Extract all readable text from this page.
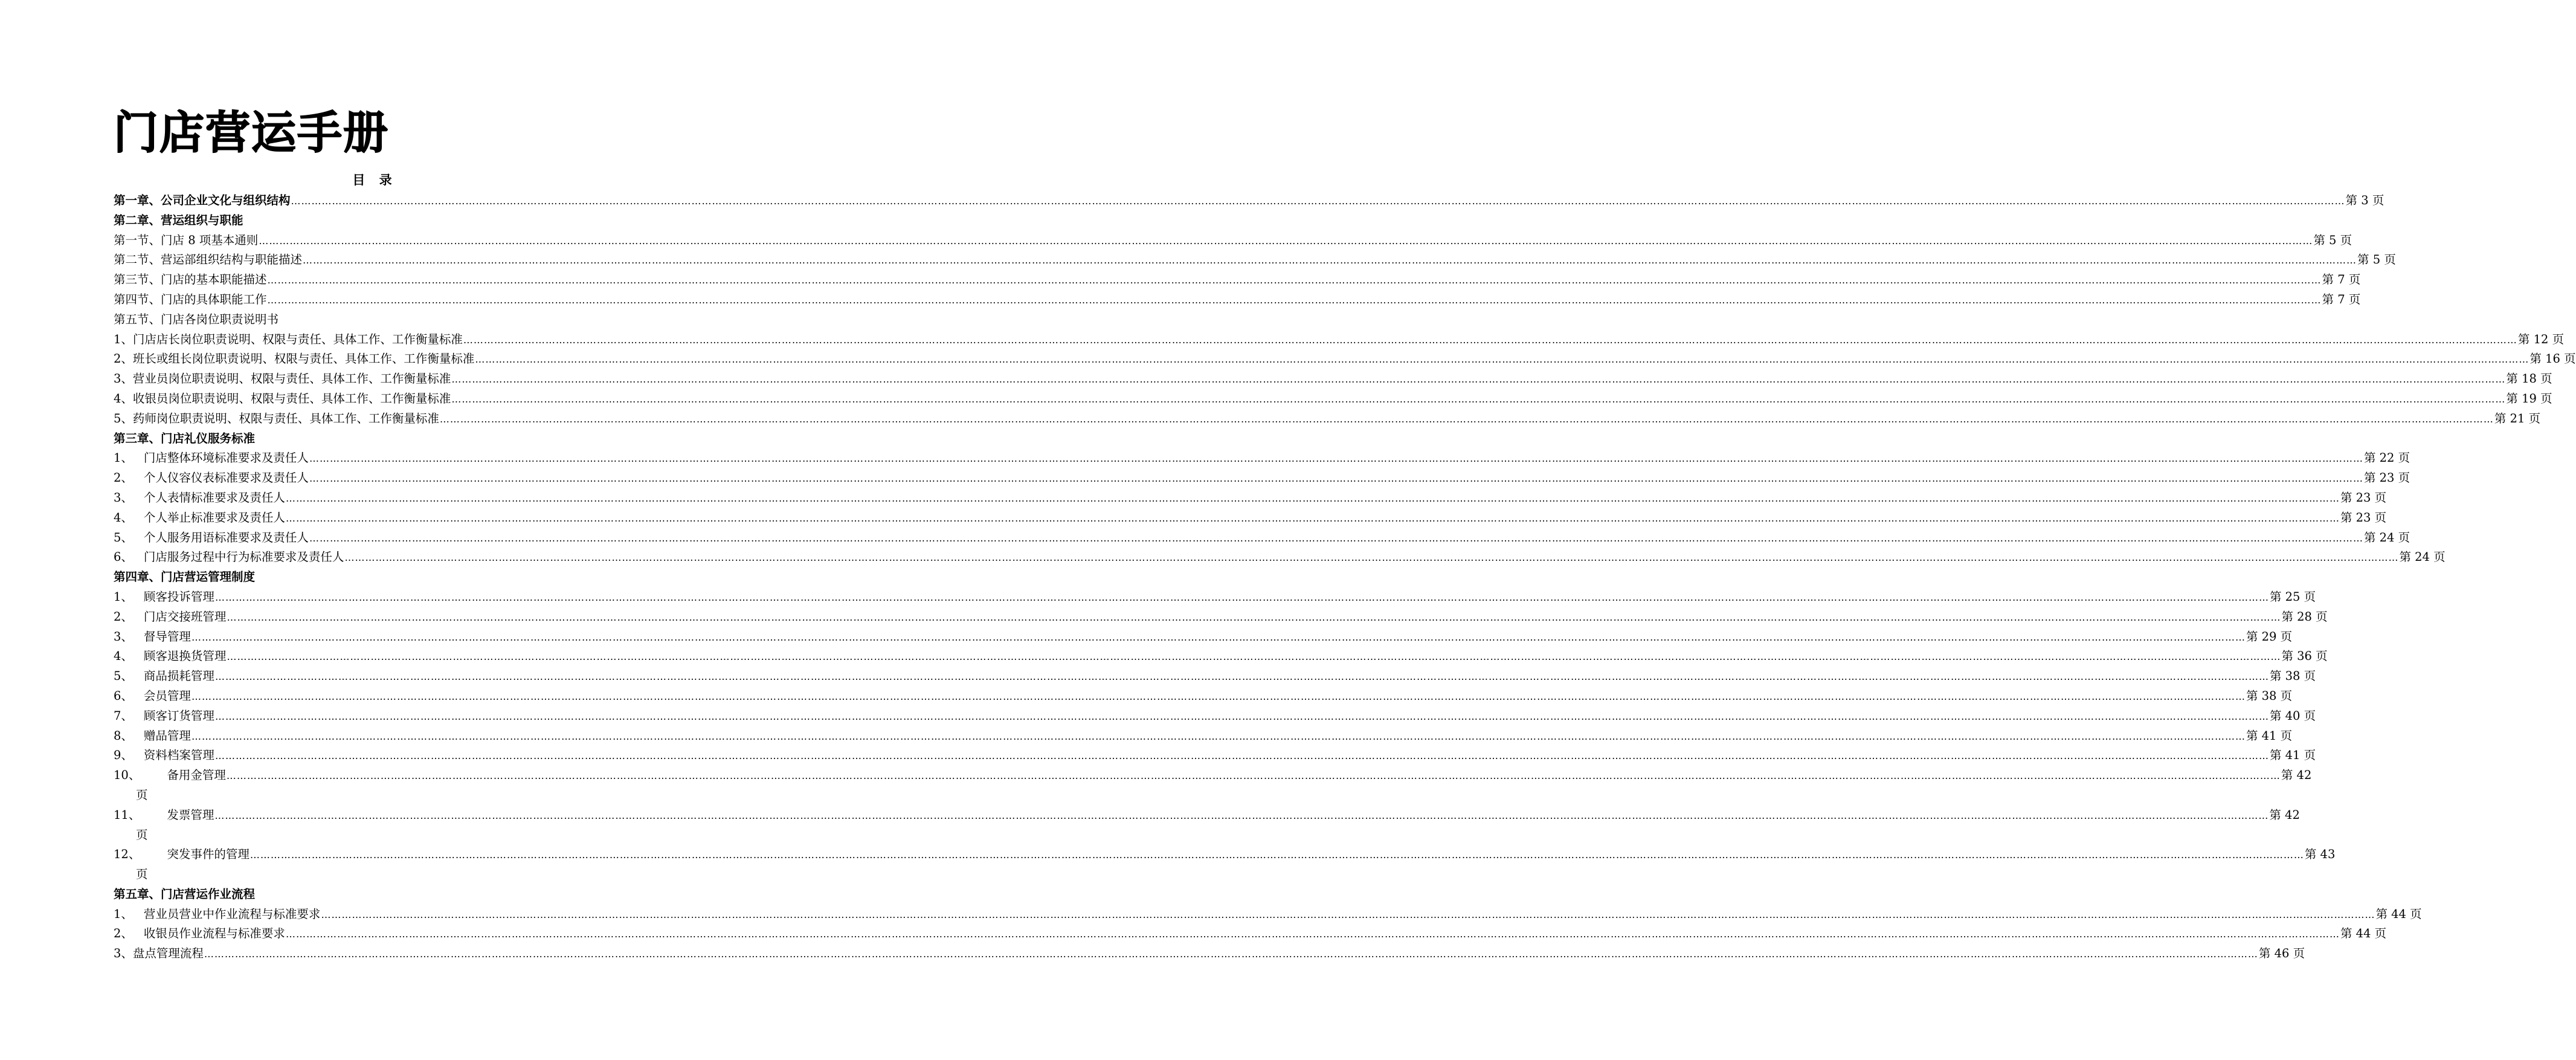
门店营运手册
目 录
第一章、公司企业文化与组织结构 …………………………………………………………………………………………………………………………………………………………………………………………………………………………………………………………………………………………………………………………………………………………………………………………………………………………………………………………………………………………………………………………………………………… 第 3 页
第二章、营运组织与职能
第一节、门店 8 项基本通则 …………………………………………………………………………………………………………………………………………………………………………………………………………………………………………………………………………………………………………………………………………………………………………………………………………………………………………………………………………………………………………………………………………………… 第 5 页
第二节、营运部组织结构与职能描述 …………………………………………………………………………………………………………………………………………………………………………………………………………………………………………………………………………………………………………………………………………………………………………………………………………………………………………………………………………………………………………………………………………………… 第 5 页
第三节、门店的基本职能描述 …………………………………………………………………………………………………………………………………………………………………………………………………………………………………………………………………………………………………………………………………………………………………………………………………………………………………………………………………………………………………………………………………………………… 第 7 页
第四节、门店的具体职能工作 …………………………………………………………………………………………………………………………………………………………………………………………………………………………………………………………………………………………………………………………………………………………………………………………………………………………………………………………………………………………………………………………………………………… 第 7 页
第五节、门店各岗位职责说明书
1、门店店长岗位职责说明、权限与责任、具体工作、工作衡量标准 …………………………………………………………………………………………………………………………………………………………………………………………………………………………………………………………………………………………………………………………………………………………………………………………………………………………………………………………………………………………………………………………………………………… 第 12 页
2、班长或组长岗位职责说明、权限与责任、具体工作、工作衡量标准 …………………………………………………………………………………………………………………………………………………………………………………………………………………………………………………………………………………………………………………………………………………………………………………………………………………………………………………………………………………………………………………………………………………… 第 16 页
3、营业员岗位职责说明、权限与责任、具体工作、工作衡量标准 …………………………………………………………………………………………………………………………………………………………………………………………………………………………………………………………………………………………………………………………………………………………………………………………………………………………………………………………………………………………………………………………………………………… 第 18 页
4、收银员岗位职责说明、权限与责任、具体工作、工作衡量标准 …………………………………………………………………………………………………………………………………………………………………………………………………………………………………………………………………………………………………………………………………………………………………………………………………………………………………………………………………………………………………………………………………………………… 第 19 页
5、药师岗位职责说明、权限与责任、具体工作、工作衡量标准 …………………………………………………………………………………………………………………………………………………………………………………………………………………………………………………………………………………………………………………………………………………………………………………………………………………………………………………………………………………………………………………………………………………… 第 21 页
第三章、门店礼仪服务标准
1、 门店整体环境标准要求及责任人 …………………………………………………………………………………………………………………………………………………………………………………………………………………………………………………………………………………………………………………………………………………………………………………………………………………………………………………………………………………………………………………………………………………… 第 22 页
2、 个人仪容仪表标准要求及责任人 …………………………………………………………………………………………………………………………………………………………………………………………………………………………………………………………………………………………………………………………………………………………………………………………………………………………………………………………………………………………………………………………………………………… 第 23 页
3、 个人表情标准要求及责任人 …………………………………………………………………………………………………………………………………………………………………………………………………………………………………………………………………………………………………………………………………………………………………………………………………………………………………………………………………………………………………………………………………………………… 第 23 页
4、 个人举止标准要求及责任人 …………………………………………………………………………………………………………………………………………………………………………………………………………………………………………………………………………………………………………………………………………………………………………………………………………………………………………………………………………………………………………………………………………………… 第 23 页
5、 个人服务用语标准要求及责任人 …………………………………………………………………………………………………………………………………………………………………………………………………………………………………………………………………………………………………………………………………………………………………………………………………………………………………………………………………………………………………………………………………………………… 第 24 页
6、 门店服务过程中行为标准要求及责任人 …………………………………………………………………………………………………………………………………………………………………………………………………………………………………………………………………………………………………………………………………………………………………………………………………………………………………………………………………………………………………………………………………………………… 第 24 页
第四章、门店营运管理制度
1、 顾客投诉管理 …………………………………………………………………………………………………………………………………………………………………………………………………………………………………………………………………………………………………………………………………………………………………………………………………………………………………………………………………………………………………………………………………………………… 第 25 页
2、 门店交接班管理 …………………………………………………………………………………………………………………………………………………………………………………………………………………………………………………………………………………………………………………………………………………………………………………………………………………………………………………………………………………………………………………………………………………… 第 28 页
3、 督导管理 …………………………………………………………………………………………………………………………………………………………………………………………………………………………………………………………………………………………………………………………………………………………………………………………………………………………………………………………………………………………………………………………………………………… 第 29 页
4、 顾客退换货管理 …………………………………………………………………………………………………………………………………………………………………………………………………………………………………………………………………………………………………………………………………………………………………………………………………………………………………………………………………………………………………………………………………………………… 第 36 页
5、 商品损耗管理 …………………………………………………………………………………………………………………………………………………………………………………………………………………………………………………………………………………………………………………………………………………………………………………………………………………………………………………………………………………………………………………………………………………… 第 38 页
6、 会员管理 …………………………………………………………………………………………………………………………………………………………………………………………………………………………………………………………………………………………………………………………………………………………………………………………………………………………………………………………………………………………………………………………………………………… 第 38 页
7、 顾客订货管理 …………………………………………………………………………………………………………………………………………………………………………………………………………………………………………………………………………………………………………………………………………………………………………………………………………………………………………………………………………………………………………………………………………………… 第 40 页
8、 赠品管理 …………………………………………………………………………………………………………………………………………………………………………………………………………………………………………………………………………………………………………………………………………………………………………………………………………………………………………………………………………………………………………………………………………………… 第 41 页
9、 资料档案管理 …………………………………………………………………………………………………………………………………………………………………………………………………………………………………………………………………………………………………………………………………………………………………………………………………………………………………………………………………………………………………………………………………………………… 第 41 页
10、 备用金管理 …………………………………………………………………………………………………………………………………………………………………………………………………………………………………………………………………………………………………………………………………………………………………………………………………………………………………………………………………………………………………………………………………………………… 第 42
页
11、 发票管理 …………………………………………………………………………………………………………………………………………………………………………………………………………………………………………………………………………………………………………………………………………………………………………………………………………………………………………………………………………………………………………………………………………………… 第 42
页
12、 突发事件的管理 …………………………………………………………………………………………………………………………………………………………………………………………………………………………………………………………………………………………………………………………………………………………………………………………………………………………………………………………………………………………………………………………………………………… 第 43
页
第五章、门店营运作业流程
1、 营业员营业中作业流程与标准要求 …………………………………………………………………………………………………………………………………………………………………………………………………………………………………………………………………………………………………………………………………………………………………………………………………………………………………………………………………………………………………………………………………………………… 第 44 页
2、 收银员作业流程与标准要求 …………………………………………………………………………………………………………………………………………………………………………………………………………………………………………………………………………………………………………………………………………………………………………………………………………………………………………………………………………………………………………………………………………………… 第 44 页
3、盘点管理流程 …………………………………………………………………………………………………………………………………………………………………………………………………………………………………………………………………………………………………………………………………………………………………………………………………………………………………………………………………………………………………………………………………………………… 第 46 页
